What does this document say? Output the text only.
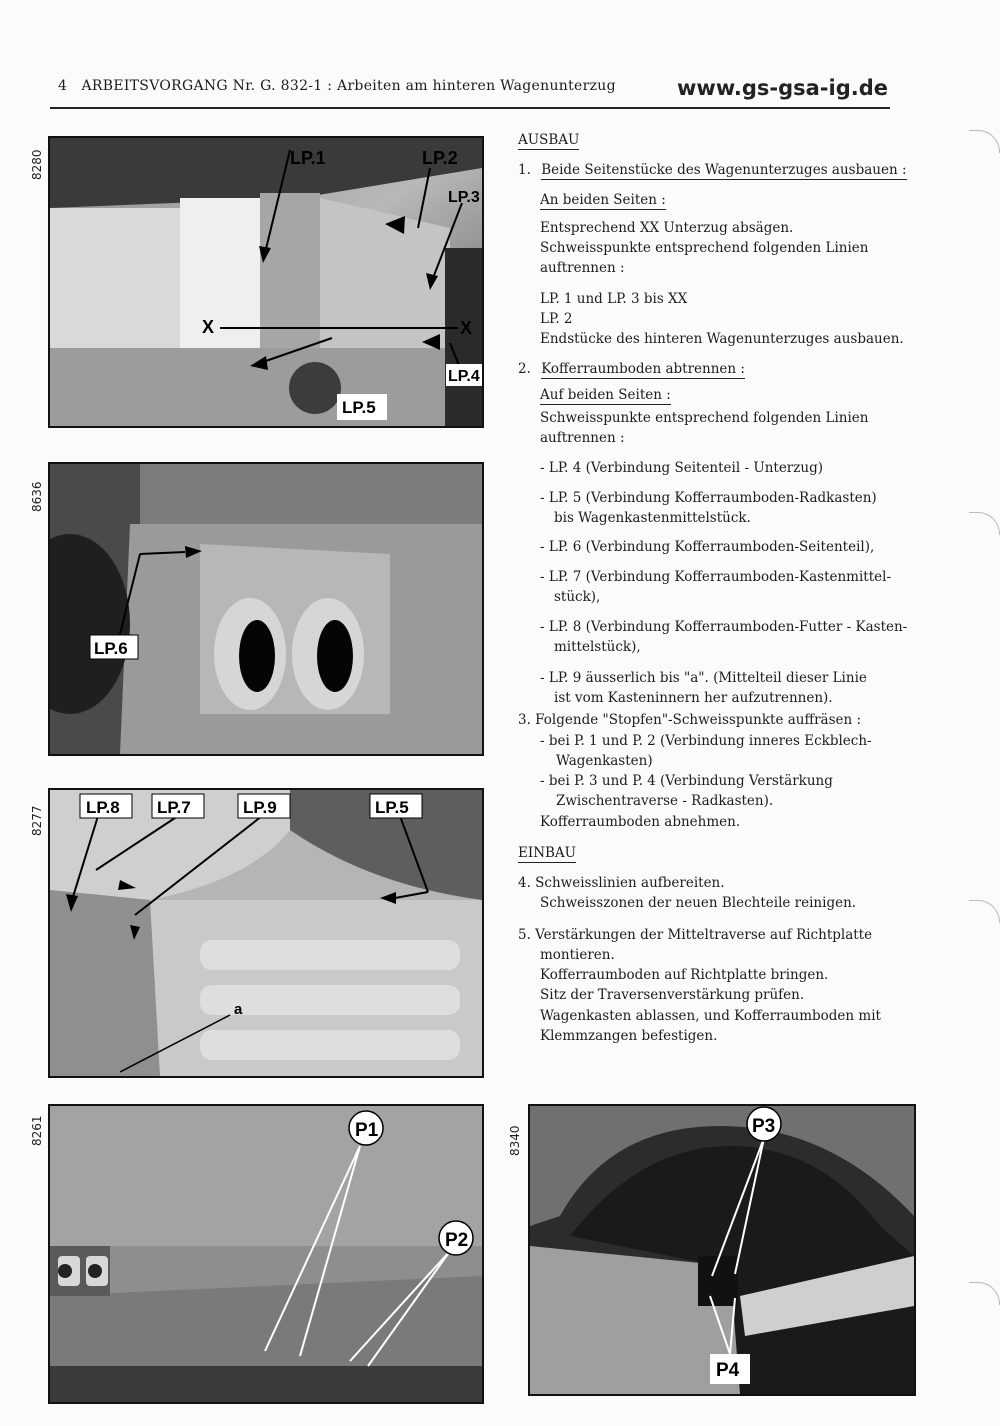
4 ARBEITSVORGANG Nr. G. 832-1 : Arbeiten am hinteren Wagenunterzug	www.gs-gsa-ig.de
8280
8636
8277
8261	8340
LP.1	LP.2
LP.3
LP.4
LP.5
X	X
LP.6
LP.8 LP.7	LP.9	LP.5
a
P1
P2
P3
P4
AUSBAU
1. Beide Seitenstücke des Wagenunterzuges ausbauen :
An beiden Seiten :
Entsprechend XX Unterzug absägen.
Schweisspunkte entsprechend folgenden Linien
auftrennen :
LP. 1 und LP. 3 bis XX
LP. 2
Endstücke des hinteren Wagenunterzuges ausbauen.
2. Kofferraumboden abtrennen :
Auf beiden Seiten :
Schweisspunkte entsprechend folgenden Linien
auftrennen :
- LP. 4 (Verbindung Seitenteil - Unterzug)
- LP. 5 (Verbindung Kofferraumboden-Radkasten)
bis Wagenkastenmittelstück.
- LP. 6 (Verbindung Kofferraumboden-Seitenteil),
- LP. 7 (Verbindung Kofferraumboden-Kastenmittel-
stück),
- LP. 8 (Verbindung Kofferraumboden-Futter - Kasten-
mittelstück),
- LP. 9 äusserlich bis "a". (Mittelteil dieser Linie
ist vom Kasteninnern her aufzutrennen).
3. Folgende "Stopfen"-Schweisspunkte auffräsen :
- bei P. 1 und P. 2 (Verbindung inneres Eckblech-
Wagenkasten)
- bei P. 3 und P. 4 (Verbindung Verstärkung
Zwischentraverse - Radkasten).
Kofferraumboden abnehmen.
EINBAU
4. Schweisslinien aufbereiten.
Schweisszonen der neuen Blechteile reinigen.
5. Verstärkungen der Mitteltraverse auf Richtplatte
montieren.
Kofferraumboden auf Richtplatte bringen.
Sitz der Traversenverstärkung prüfen.
Wagenkasten ablassen, und Kofferraumboden mit
Klemmzangen befestigen.
